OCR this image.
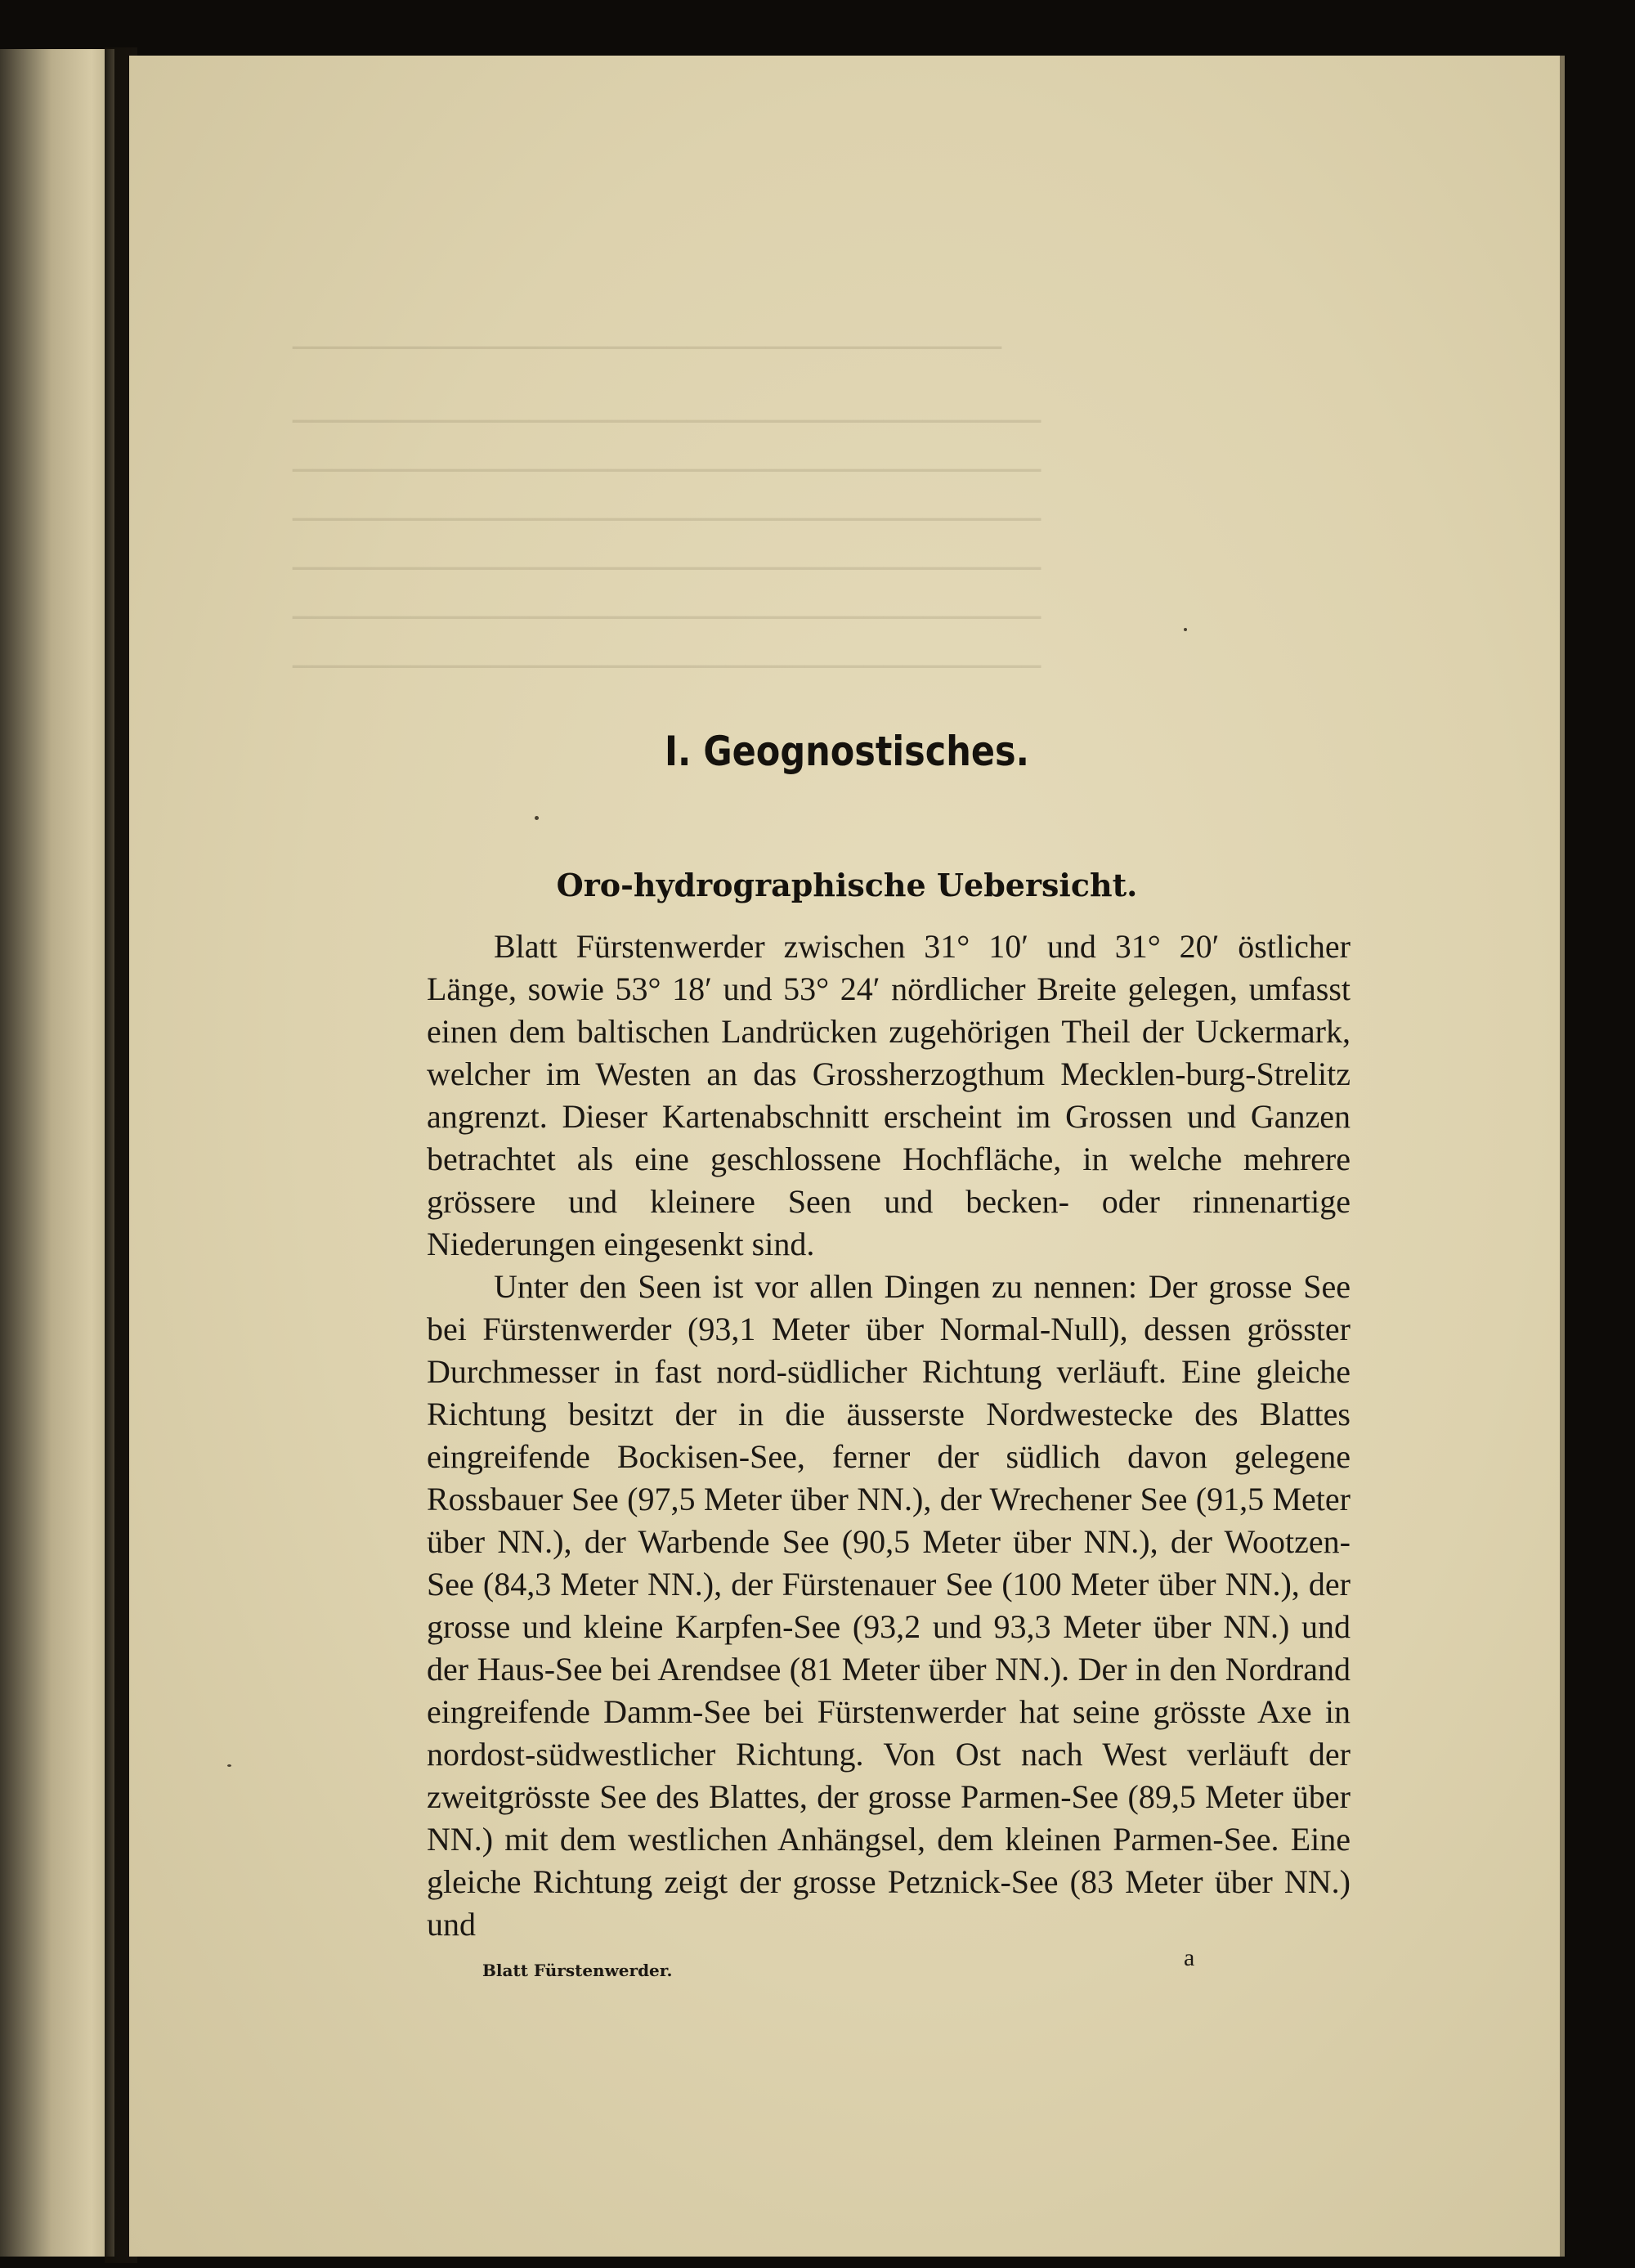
────────────────────────────────────
──────────────────────────────────────
──────────────────────────────────────
──────────────────────────────────────
──────────────────────────────────────
──────────────────────────────────────
──────────────────────────────────────
I. Geognostisches.
Oro-hydrographische Uebersicht.

Blatt Fürstenwerder zwischen 31° 10′ und 31° 20′ östlicher Länge, sowie 53° 18′ und 53° 24′ nördlicher Breite gelegen, umfasst einen dem baltischen Landrücken zugehörigen Theil der Uckermark, welcher im Westen an das Grossherzogthum Mecklen-burg-Strelitz angrenzt. Dieser Kartenabschnitt erscheint im Grossen und Ganzen betrachtet als eine geschlossene Hochfläche, in welche mehrere grössere und kleinere Seen und becken- oder rinnenartige Niederungen eingesenkt sind.

Unter den Seen ist vor allen Dingen zu nennen: Der grosse See bei Fürstenwerder (93,1 Meter über Normal-Null), dessen grösster Durchmesser in fast nord-südlicher Richtung verläuft. Eine gleiche Richtung besitzt der in die äusserste Nordwestecke des Blattes eingreifende Bockisen-See, ferner der südlich davon gelegene Rossbauer See (97,5 Meter über NN.), der Wrechener See (91,5 Meter über NN.), der Warbende See (90,5 Meter über NN.), der Wootzen-See (84,3 Meter NN.), der Fürstenauer See (100 Meter über NN.), der grosse und kleine Karpfen-See (93,2 und 93,3 Meter über NN.) und der Haus-See bei Arendsee (81 Meter über NN.). Der in den Nordrand eingreifende Damm-See bei Fürstenwerder hat seine grösste Axe in nordost-südwestlicher Richtung. Von Ost nach West verläuft der zweitgrösste See des Blattes, der grosse Parmen-See (89,5 Meter über NN.) mit dem westlichen Anhängsel, dem kleinen Parmen-See. Eine gleiche Richtung zeigt der grosse Petznick-See (83 Meter über NN.) und

Blatt Fürstenwerder.	a
